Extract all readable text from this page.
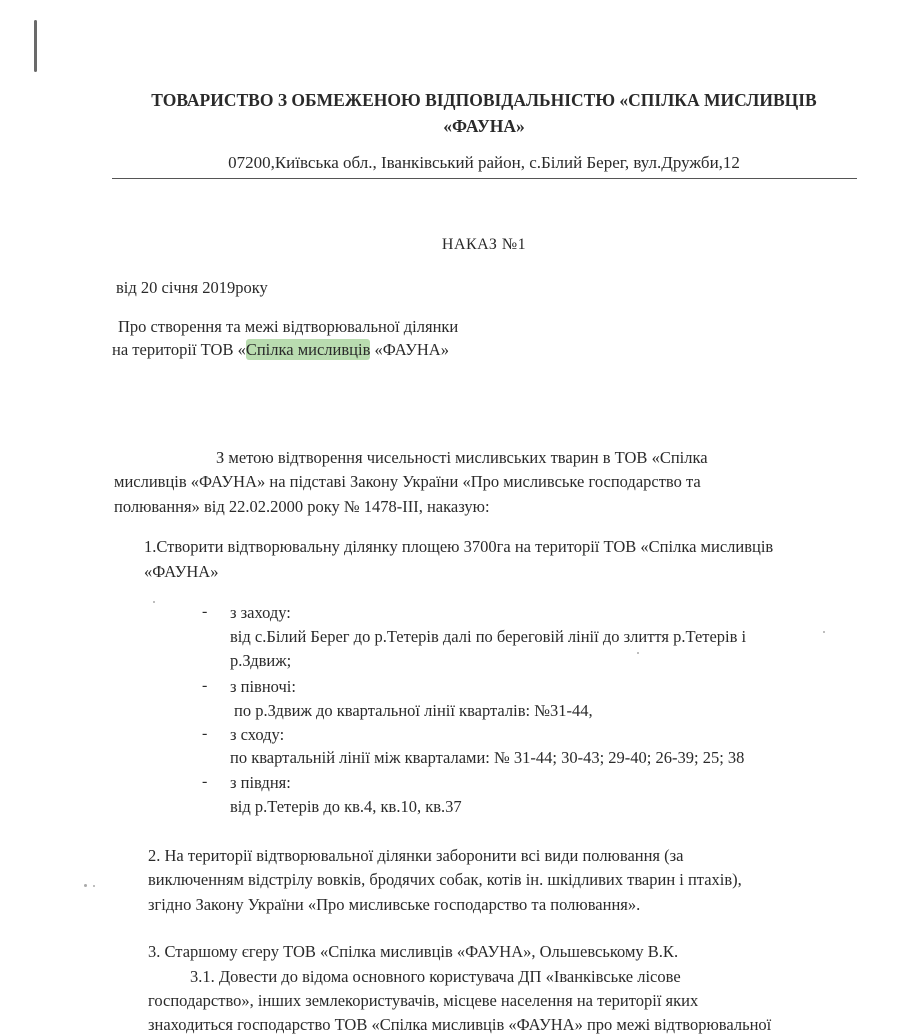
ТОВАРИСТВО З ОБМЕЖЕНОЮ ВІДПОВІДАЛЬНІСТЮ «СПІЛКА МИСЛИВЦІВ
«ФАУНА»
07200,Київська обл., Іванківський район, с.Білий Берег, вул.Дружби,12
НАКАЗ №1
від 20 січня 2019року
Про створення та межі відтворювальної ділянки
на території ТОВ «Спілка мисливців «ФАУНА»
З метою відтворення чисельності мисливських тварин в ТОВ «Спілка
мисливців «ФАУНА» на підставі Закону України «Про мисливське господарство та
полювання» від 22.02.2000 року № 1478-ІІІ, наказую:
1.Створити відтворювальну ділянку площею 3700га на території ТОВ «Спілка мисливців
«ФАУНА»
- з заходу:
від с.Білий Берег до р.Тетерів далі по береговій лінії до злиття р.Тетерів і
р.Здвиж;
- з півночі:
по р.Здвиж до квартальної лінії кварталів: №31-44,
- з сходу:
по квартальній лінії між кварталами: № 31-44; 30-43; 29-40; 26-39; 25; 38
- з півдня:
від р.Тетерів до кв.4, кв.10, кв.37
2. На території відтворювальної ділянки заборонити всі види полювання (за
виключенням відстрілу вовків, бродячих собак, котів ін. шкідливих тварин і птахів),
згідно Закону України «Про мисливське господарство та полювання».
3. Старшому єгеру ТОВ «Спілка мисливців «ФАУНА», Ольшевському В.К.
3.1. Довести до відома основного користувача ДП «Іванківське лісове
господарство», інших землекористувачів, місцеве населення на території яких
знаходиться господарство ТОВ «Спілка мисливців «ФАУНА» про межі відтворювальної
